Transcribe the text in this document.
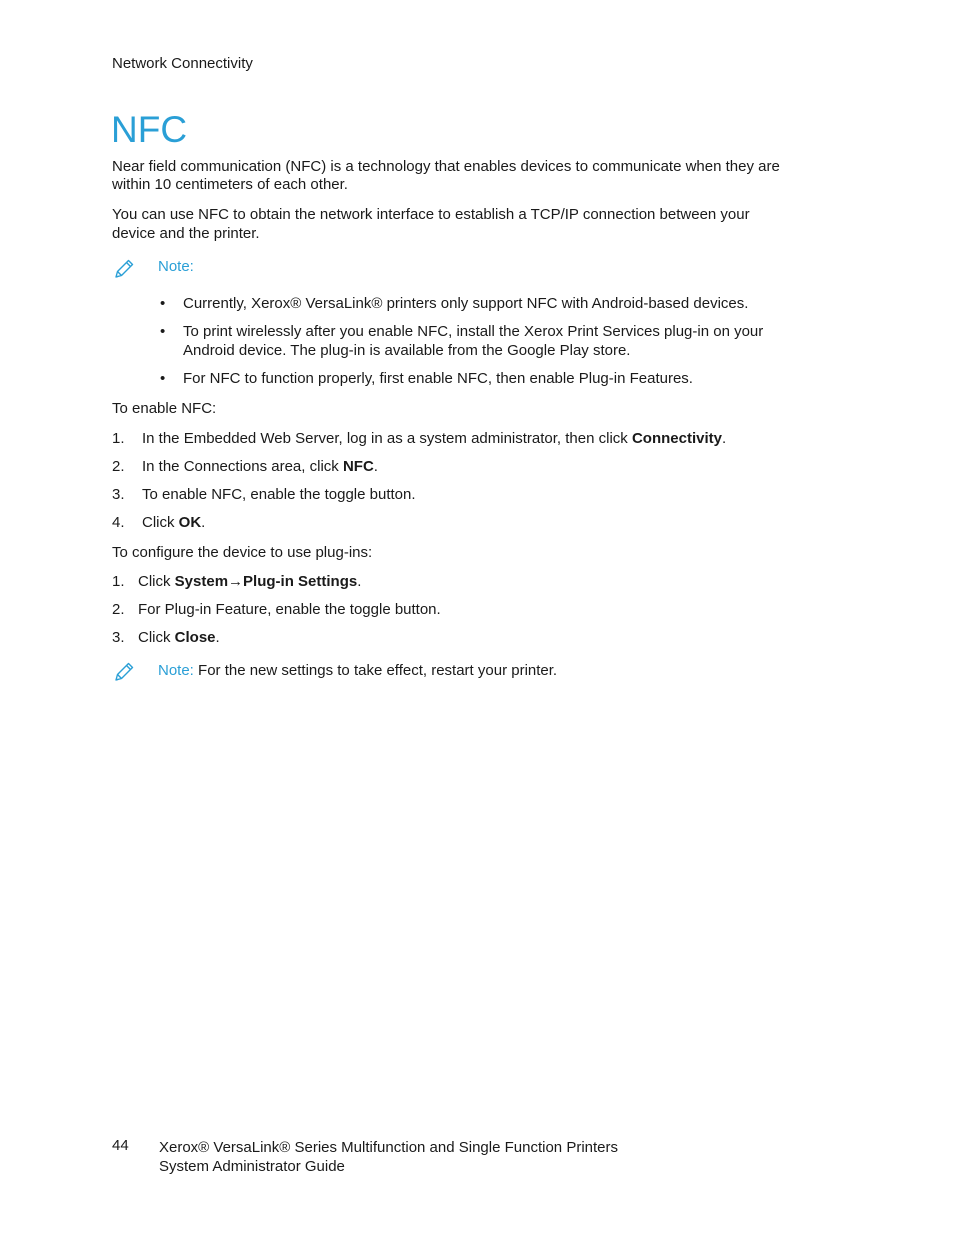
Network Connectivity
NFC
Near field communication (NFC) is a technology that enables devices to communicate when they are
within 10 centimeters of each other.
You can use NFC to obtain the network interface to establish a TCP/IP connection between your
device and the printer.
Note:
• Currently, Xerox® VersaLink® printers only support NFC with Android-based devices.
• To print wirelessly after you enable NFC, install the Xerox Print Services plug-in on your
Android device. The plug-in is available from the Google Play store.
• For NFC to function properly, first enable NFC, then enable Plug-in Features.
To enable NFC:
1. In the Embedded Web Server, log in as a system administrator, then click Connectivity.
2. In the Connections area, click NFC.
3. To enable NFC, enable the toggle button.
4. Click OK.
To configure the device to use plug-ins:
1. Click System→Plug-in Settings.
2. For Plug-in Feature, enable the toggle button.
3. Click Close.
Note: For the new settings to take effect, restart your printer.
44 Xerox® VersaLink® Series Multifunction and Single Function Printers
System Administrator Guide
